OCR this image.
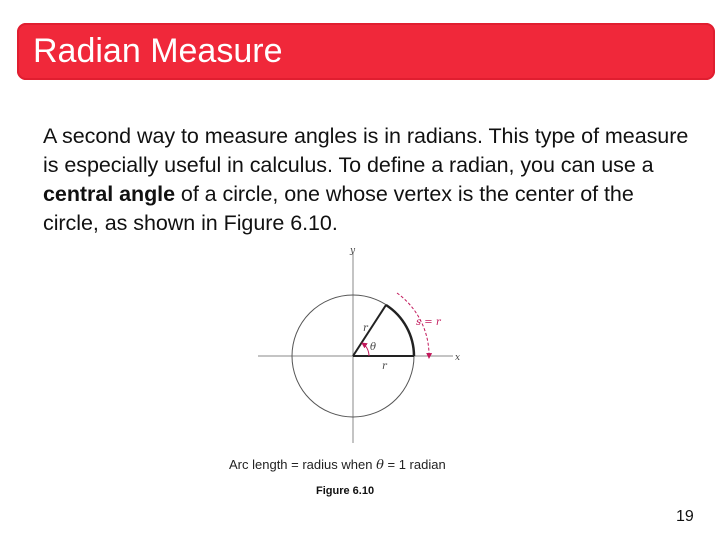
Radian Measure
A second way to measure angles is in radians. This type of measure is especially useful in calculus. To define a radian, you can use a central angle of a circle, one whose vertex is the center of the circle, as shown in Figure 6.10.
y
x
r
r
θ
s = r
Arc length = radius when θ = 1 radian
Figure 6.10
19
